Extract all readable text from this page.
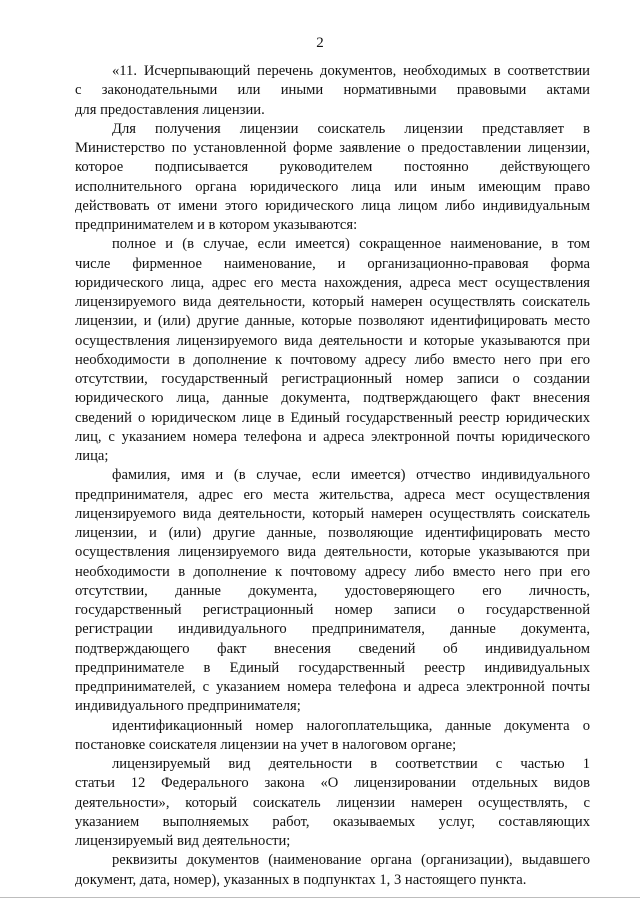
2
«11. Исчерпывающий перечень документов, необходимых в соответствии
с законодательными или иными нормативными правовыми актами
для предоставления лицензии.
Для получения лицензии соискатель лицензии представляет в
Министерство по установленной форме заявление о предоставлении лицензии,
которое подписывается руководителем постоянно действующего
исполнительного органа юридического лица или иным имеющим право
действовать от имени этого юридического лица лицом либо индивидуальным
предпринимателем и в котором указываются:
полное и (в случае, если имеется) сокращенное наименование, в том
числе фирменное наименование, и организационно-правовая форма
юридического лица, адрес его места нахождения, адреса мест осуществления
лицензируемого вида деятельности, который намерен осуществлять соискатель
лицензии, и (или) другие данные, которые позволяют идентифицировать место
осуществления лицензируемого вида деятельности и которые указываются при
необходимости в дополнение к почтовому адресу либо вместо него при его
отсутствии, государственный регистрационный номер записи о создании
юридического лица, данные документа, подтверждающего факт внесения
сведений о юридическом лице в Единый государственный реестр юридических
лиц, с указанием номера телефона и адреса электронной почты юридического
лица;
фамилия, имя и (в случае, если имеется) отчество индивидуального
предпринимателя, адрес его места жительства, адреса мест осуществления
лицензируемого вида деятельности, который намерен осуществлять соискатель
лицензии, и (или) другие данные, позволяющие идентифицировать место
осуществления лицензируемого вида деятельности, которые указываются при
необходимости в дополнение к почтовому адресу либо вместо него при его
отсутствии, данные документа, удостоверяющего его личность,
государственный регистрационный номер записи о государственной
регистрации индивидуального предпринимателя, данные документа,
подтверждающего факт внесения сведений об индивидуальном
предпринимателе в Единый государственный реестр индивидуальных
предпринимателей, с указанием номера телефона и адреса электронной почты
индивидуального предпринимателя;
идентификационный номер налогоплательщика, данные документа о
постановке соискателя лицензии на учет в налоговом органе;
лицензируемый вид деятельности в соответствии с частью 1
статьи 12 Федерального закона «О лицензировании отдельных видов
деятельности», который соискатель лицензии намерен осуществлять, с
указанием выполняемых работ, оказываемых услуг, составляющих
лицензируемый вид деятельности;
реквизиты документов (наименование органа (организации), выдавшего
документ, дата, номер), указанных в подпунктах 1, 3 настоящего пункта.
